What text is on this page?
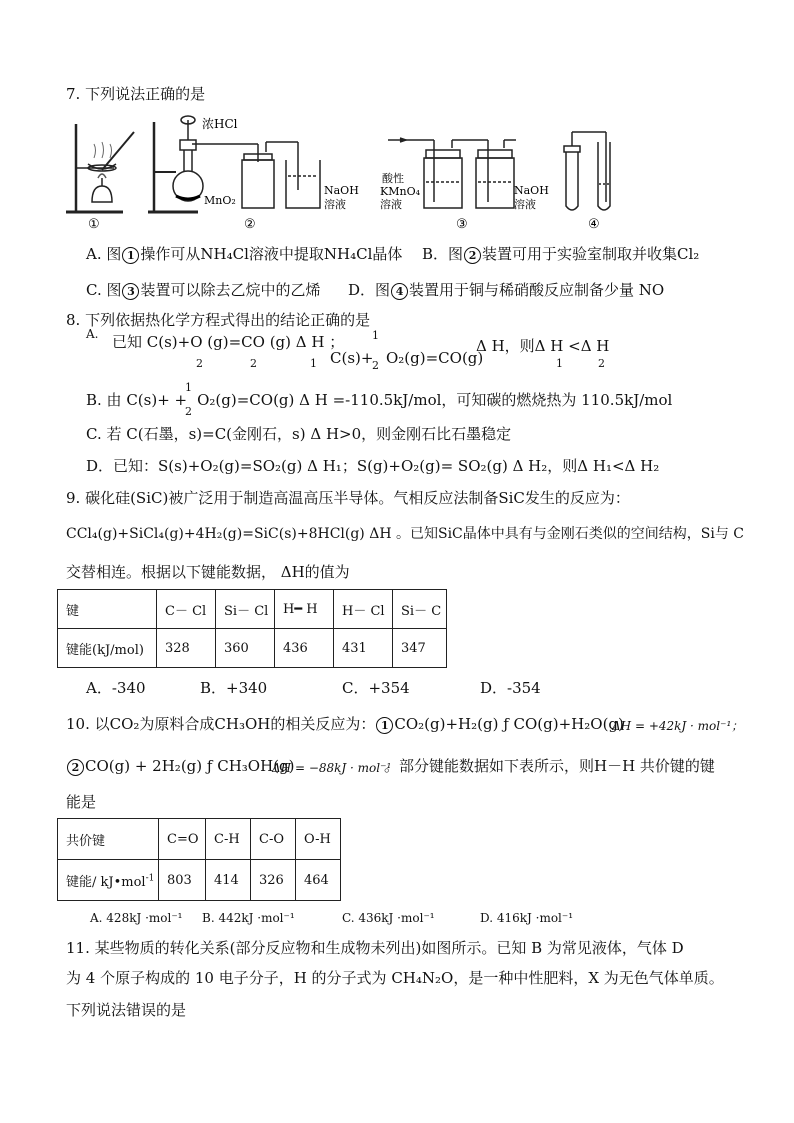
7. 下列说法正确的是
①
浓HCl
MnO₂
NaOH
溶液
②
酸性
KMnO₄
溶液
NaOH
溶液
③	④
A. 图 1 操作可从NH₄Cl溶液中提取NH₄Cl晶体 B．图 2 装置可用于实验室制取并收集Cl₂
C. 图 3 装置可以除去乙烷中的乙烯 D．图 4 装置用于铜与稀硝酸反应制备少量 NO
8. 下列依据热化学方程式得出的结论正确的是
A. 已知 C(s)+O (g)=CO (g) Δ H ；
2	2	1
1
C(s)+
2 O₂(g)=CO(g)
Δ H，则Δ H <Δ H
1	2
1
2
B. 由 C(s)+ + O₂(g)=CO(g) Δ H =-110.5kJ/mol，可知碳的燃烧热为 110.5kJ/mol
C. 若 C(石墨，s)=C(金刚石，s) Δ H>0，则金刚石比石墨稳定
D．已知：S(s)+O₂(g)=SO₂(g) Δ H₁；S(g)+O₂(g)= SO₂(g) Δ H₂，则Δ H₁<Δ H₂
9. 碳化硅(SiC)被广泛用于制造高温高压半导体。气相反应法制备SiC发生的反应为：
CCl₄(g)+SiCl₄(g)+4H₂(g)=SiC(s)+8HCl(g) ΔH 。已知SiC晶体中具有与金刚石类似的空间结构，Si与 C
交替相连。根据以下键能数据， ΔH的值为
键	C－ Cl	Si－ Cl	H━ H	H－ Cl	Si－ C
键能(kJ/mol)	328	360	436	431	347
A．-340	B．+340	C．+354	D．-354
10. 以CO₂为原料合成CH₃OH的相关反应为： 1 CO₂(g)+H₂(g) ƒ CO(g)+H₂O(g)
ΔH = +42kJ · mol⁻¹；
2 CO(g) + 2H₂(g) ƒ CH₃OH(g)
ΔH = −88kJ · mol⁻¹
。部分键能数据如下表所示，则H－H 共价键的键
能是
共价键	C=O	C-H	C-O	O-H
键能/ kJ•mol$^{-1}$	803	414	326	464
A. 428kJ ·mol⁻¹ B. 442kJ ·mol⁻¹	C. 436kJ ·mol⁻¹	D. 416kJ ·mol⁻¹
11. 某些物质的转化关系(部分反应物和生成物未列出)如图所示。已知 B 为常见液体，气体 D
为 4 个原子构成的 10 电子分子，H 的分子式为 CH₄N₂O，是一种中性肥料，X 为无色气体单质。
下列说法错误的是
